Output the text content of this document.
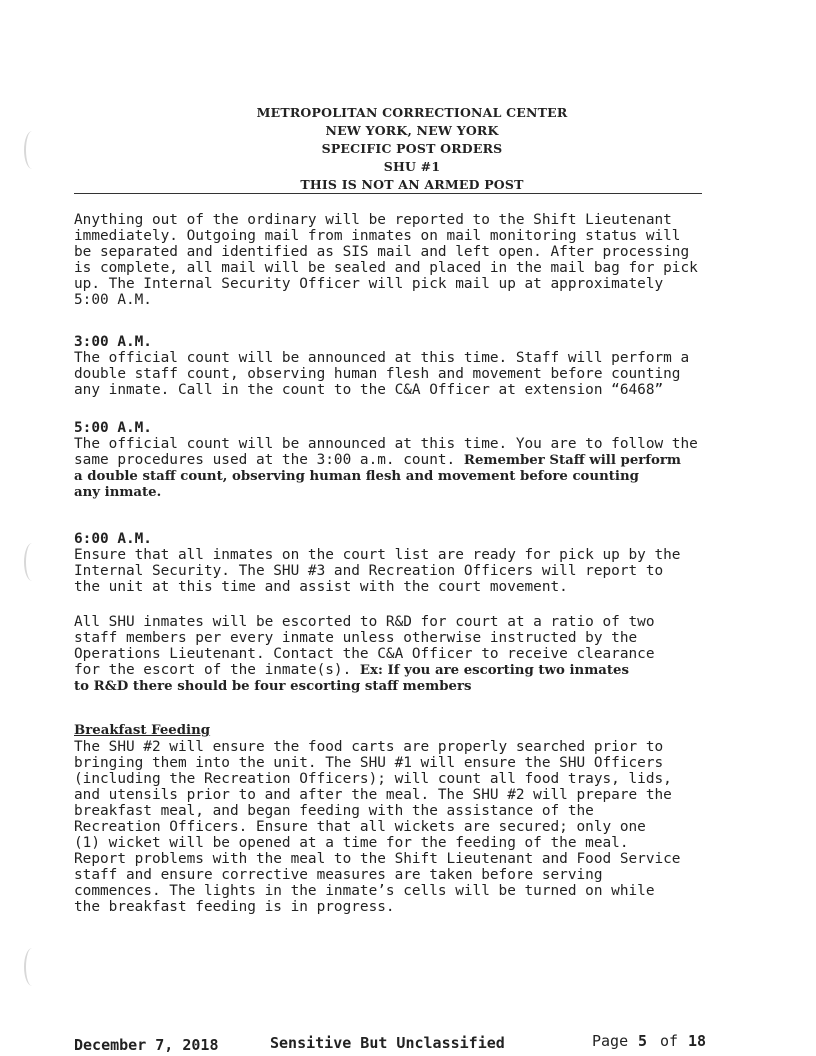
METROPOLITAN CORRECTIONAL CENTER
NEW YORK, NEW YORK
SPECIFIC POST ORDERS
SHU #1
THIS IS NOT AN ARMED POST

Anything out of the ordinary will be reported to the Shift Lieutenant

immediately. Outgoing mail from inmates on mail monitoring status will

be separated and identified as SIS mail and left open. After processing

is complete, all mail will be sealed and placed in the mail bag for pick

up. The Internal Security Officer will pick mail up at approximately

5:00 A.M.

3:00 A.M.

The official count will be announced at this time. Staff will perform a

double staff count, observing human flesh and movement before counting

any inmate. Call in the count to the C&A Officer at extension “6468”

5:00 A.M.

The official count will be announced at this time. You are to follow the

same procedures used at the 3:00 a.m. count. Remember Staff will perform

a double staff count, observing human flesh and movement before counting

any inmate.

6:00 A.M.

Ensure that all inmates on the court list are ready for pick up by the

Internal Security. The SHU #3 and Recreation Officers will report to

the unit at this time and assist with the court movement.

All SHU inmates will be escorted to R&D for court at a ratio of two

staff members per every inmate unless otherwise instructed by the

Operations Lieutenant. Contact the C&A Officer to receive clearance

for the escort of the inmate(s). Ex: If you are escorting two inmates

to R&D there should be four escorting staff members

Breakfast Feeding

The SHU #2 will ensure the food carts are properly searched prior to

bringing them into the unit. The SHU #1 will ensure the SHU Officers

(including the Recreation Officers); will count all food trays, lids,

and utensils prior to and after the meal. The SHU #2 will prepare the

breakfast meal, and began feeding with the assistance of the

Recreation Officers. Ensure that all wickets are secured; only one

(1) wicket will be opened at a time for the feeding of the meal.

Report problems with the meal to the Shift Lieutenant and Food Service

staff and ensure corrective measures are taken before serving

commences. The lights in the inmate’s cells will be turned on while

the breakfast feeding is in progress.

December 7, 2018	Sensitive But Unclassified	Page 5 of 18
